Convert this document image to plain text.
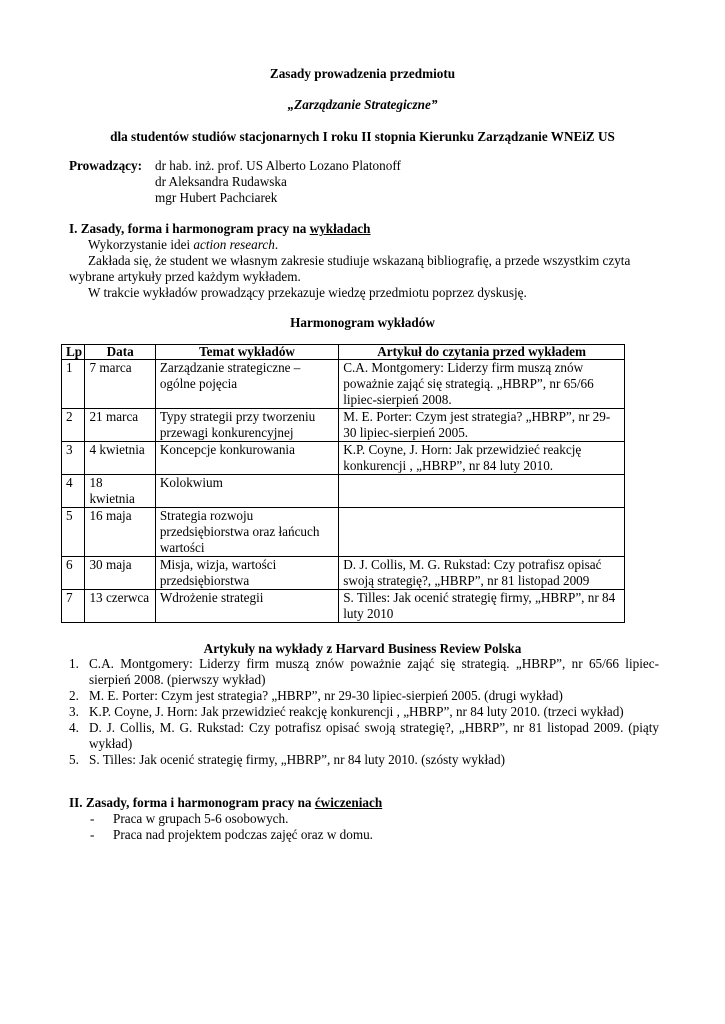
Zasady prowadzenia przedmiotu
„Zarządzanie Strategiczne”
dla studentów studiów stacjonarnych I roku II stopnia Kierunku Zarządzanie WNEiZ US
Prowadzący: dr hab. inż. prof. US Alberto Lozano Platonoff
dr Aleksandra Rudawska
mgr Hubert Pachciarek
I. Zasady, forma i harmonogram pracy na wykładach
Wykorzystanie idei action research.
Zakłada się, że student we własnym zakresie studiuje wskazaną bibliografię, a przede wszystkim czyta wybrane artykuły przed każdym wykładem.
W trakcie wykładów prowadzący przekazuje wiedzę przedmiotu poprzez dyskusję.
Harmonogram wykładów
Lp	Data	Temat wykładów	Artykuł do czytania przed wykładem
1	7 marca	Zarządzanie strategiczne – ogólne pojęcia	C.A. Montgomery: Liderzy firm muszą znów poważnie zająć się strategią. „HBRP”, nr 65/66 lipiec-sierpień 2008.
2	21 marca	Typy strategii przy tworzeniu przewagi konkurencyjnej	M. E. Porter: Czym jest strategia? „HBRP”, nr 29-30 lipiec-sierpień 2005.
3	4 kwietnia	Koncepcje konkurowania	K.P. Coyne, J. Horn: Jak przewidzieć reakcję konkurencji , „HBRP”, nr 84 luty 2010.
4	18 kwietnia	Kolokwium	
5	16 maja	Strategia rozwoju przedsiębiorstwa oraz łańcuch wartości	
6	30 maja	Misja, wizja, wartości przedsiębiorstwa	D. J. Collis, M. G. Rukstad: Czy potrafisz opisać swoją strategię?, „HBRP”, nr 81 listopad 2009
7	13 czerwca	Wdrożenie strategii	S. Tilles: Jak ocenić strategię firmy, „HBRP”, nr 84 luty 2010
Artykuły na wykłady z Harvard Business Review Polska
1. C.A. Montgomery: Liderzy firm muszą znów poważnie zająć się strategią. „HBRP”, nr 65/66 lipiec-sierpień 2008. (pierwszy wykład)
2. M. E. Porter: Czym jest strategia? „HBRP”, nr 29-30 lipiec-sierpień 2005. (drugi wykład)
3. K.P. Coyne, J. Horn: Jak przewidzieć reakcję konkurencji , „HBRP”, nr 84 luty 2010. (trzeci wykład)
4. D. J. Collis, M. G. Rukstad: Czy potrafisz opisać swoją strategię?, „HBRP”, nr 81 listopad 2009. (piąty wykład)
5. S. Tilles: Jak ocenić strategię firmy, „HBRP”, nr 84 luty 2010. (szósty wykład)
II. Zasady, forma i harmonogram pracy na ćwiczeniach
- Praca w grupach 5-6 osobowych.
- Praca nad projektem podczas zajęć oraz w domu.
